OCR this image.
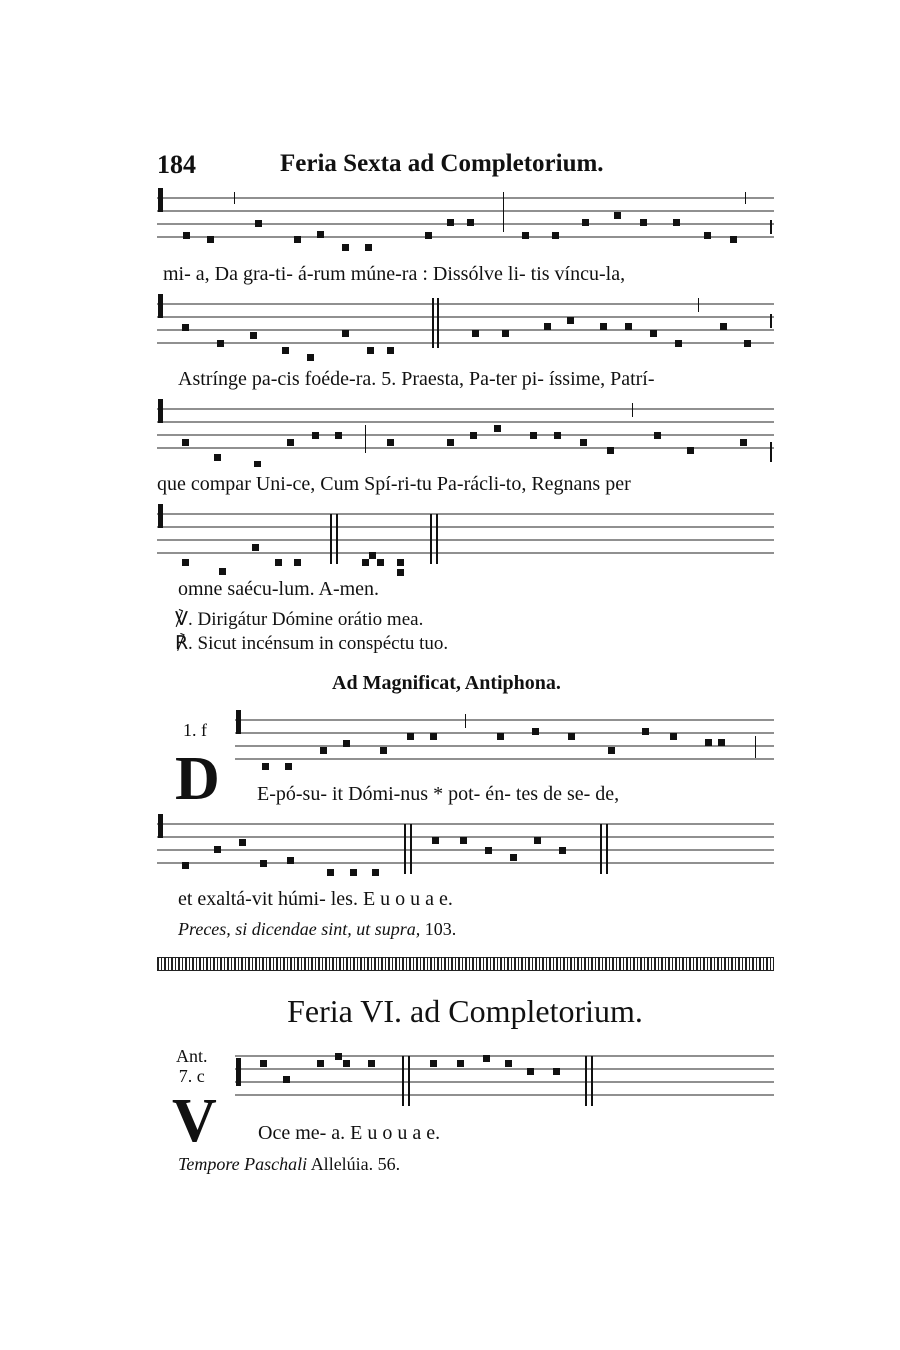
184	Feria Sexta ad Completorium.
mi- a, Da gra-ti- á-rum múne-ra : Dissólve li- tis víncu-la,
Astrínge pa-cis foéde-ra. 5. Praesta, Pa-ter pi- íssime, Patrí-
que compar Uni-ce, Cum Spí-ri-tu Pa-rácli-to, Regnans per
omne saécu-lum. A-men.
℣. Dirigátur Dómine orátio mea.
℟. Sicut incénsum in conspéctu tuo.
Ad Magnificat, Antiphona.
1. f
D E-pó-su- it Dómi-nus * pot- én- tes de se- de,
et exaltá-vit húmi- les. E u o u a e.
Preces, si dicendae sint, ut supra, 103.
Feria VI. ad Completorium.
Ant.
7. c
V Oce me- a. E u o u a e.
Tempore Paschali Allelúia. 56.
